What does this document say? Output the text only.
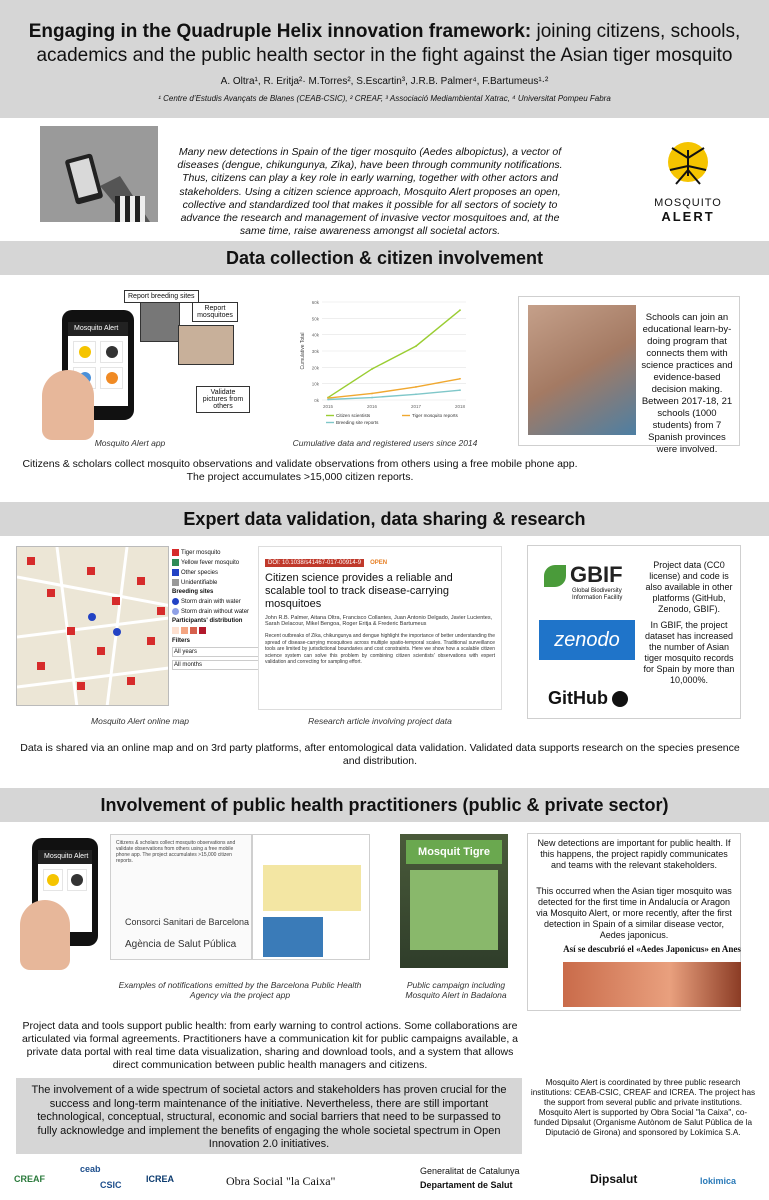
Engaging in the Quadruple Helix innovation framework: joining citizens, schools, academics and the public health sector in the fight against the Asian tiger mosquito
A. Oltra¹, R. Eritja²· M.Torres², S.Escartin³, J.R.B. Palmer⁴, F.Bartumeus¹·²
¹ Centre d’Estudis Avançats de Blanes (CEAB-CSIC), ² CREAF, ³ Associació Mediambiental Xatrac, ⁴ Universitat Pompeu Fabra
Many new detections in Spain of the tiger mosquito (Aedes albopictus), a vector of diseases (dengue, chikungunya, Zika), have been through community notifications. Thus, citizens can play a key role in early warning, together with other actors and stakeholders. Using a citizen science approach, Mosquito Alert proposes an open, collective and standardized tool that makes it possible for all sectors of society to advance the research and management of invasive vector mosquitoes and, at the same time, raise awareness amongst all societal actors.
MOSQUITO
ALERT
Data collection & citizen involvement
Mosquito Alert
Report breeding sites
Report mosquitoes
Validate pictures from others
Mosquito Alert app
0k
10k
20k
30k
40k
50k
60k
2015	2016	2017	2018
Cumulative Total
Citizen scientists	Tiger mosquito reports
Breeding site reports
Cumulative data and registered users since 2014
Schools can join an educational learn-by-doing program that connects them with science practices and evidence-based decision making. Between 2017-18, 21 schools (1000 students) from 7 Spanish provinces were involved.
Citizens & scholars collect mosquito observations and validate observations from others using a free mobile phone app. The project accumulates >15,000 citizen reports.
Expert data validation, data sharing & research
Tiger mosquito
Yellow fever mosquito
Other species
Unidentifiable
Breeding sites
Storm drain with water
Storm drain without water
Participants' distribution
Filters
All years
All months
Mosquito Alert online map
DOI: 10.1038/s41467-017-00914-9 OPEN
Citizen science provides a reliable and scalable tool to track disease-carrying mosquitoes
John R.B. Palmer, Aitana Oltra, Francisco Collantes, Juan Antonio Delgado, Javier Lucientes, Sarah Delacour, Mikel Bengoa, Roger Eritja & Frederic Bartumeus
Recent outbreaks of Zika, chikungunya and dengue highlight the importance of better understanding the spread of disease-carrying mosquitoes across multiple spatio-temporal scales. Traditional surveillance tools are limited by jurisdictional boundaries and cost constraints. Here we show how a scalable citizen science system can solve this problem by combining citizen scientists' observations with expert validation and correcting for sampling effort.
Research article involving project data
GBIF
Global Biodiversity Information Facility
zenodo
GitHub
Project data (CC0 license) and code is also available in other platforms (GitHub, Zenodo, GBIF).
In GBIF, the project dataset has increased the number of Asian tiger mosquito records for Spain by more than 10,000%.
Data is shared via an online map and on 3rd party platforms, after entomological data validation. Validated data supports research on the species presence and distribution.
Involvement of public health practitioners (public & private sector)
Mosquito Alert
Citizens & scholars collect mosquito observations and validate observations from others using a free mobile phone app. The project accumulates >15,000 citizen reports.
Consorci Sanitari de Barcelona
Agència de Salut Pública
Examples of notifications emitted by the Barcelona Public Health Agency via the project app
Mosquit Tigre
Public campaign including Mosquito Alert in Badalona
New detections are important for public health. If this happens, the project rapidly communicates and teams with the relevant stakeholders.
This occurred when the Asian tiger mosquito was detected for the first time in Andalucía or Aragon via Mosquito Alert, or more recently, after the first detection in Spain of a similar disease vector, Aedes japonicus.
Así se descubrió el «Aedes Japonicus» en Anes
Project data and tools support public health: from early warning to control actions. Some collaborations are articulated via formal agreements. Practitioners have a communication kit for public campaigns available, a private data portal with real time data visualization, sharing and download tools, and a system that allows direct communication between public health managers and citizens.
The involvement of a wide spectrum of societal actors and stakeholders has proven crucial for the success and long-term maintenance of the initiative. Nevertheless, there are still important technological, conceptual, structural, economic and social barriers that need to be surpassed to fully acknowledge and implement the benefits of engaging the whole societal spectrum in Open Innovation 2.0 initiatives.
Mosquito Alert is coordinated by three public research institutions: CEAB-CSIC, CREAF and ICREA. The project has the support from several public and private institutions. Mosquito Alert is supported by Obra Social "la Caixa", co-funded Dipsalut (Organisme Autònom de Salut Pública de la Diputació de Girona) and sponsored by Lokímica S.A.
CREAF
ceab
CSIC
ICREA	Obra Social "la Caixa"
Generalitat de Catalunya
Departament de Salut	Dipsalut	lokimica
